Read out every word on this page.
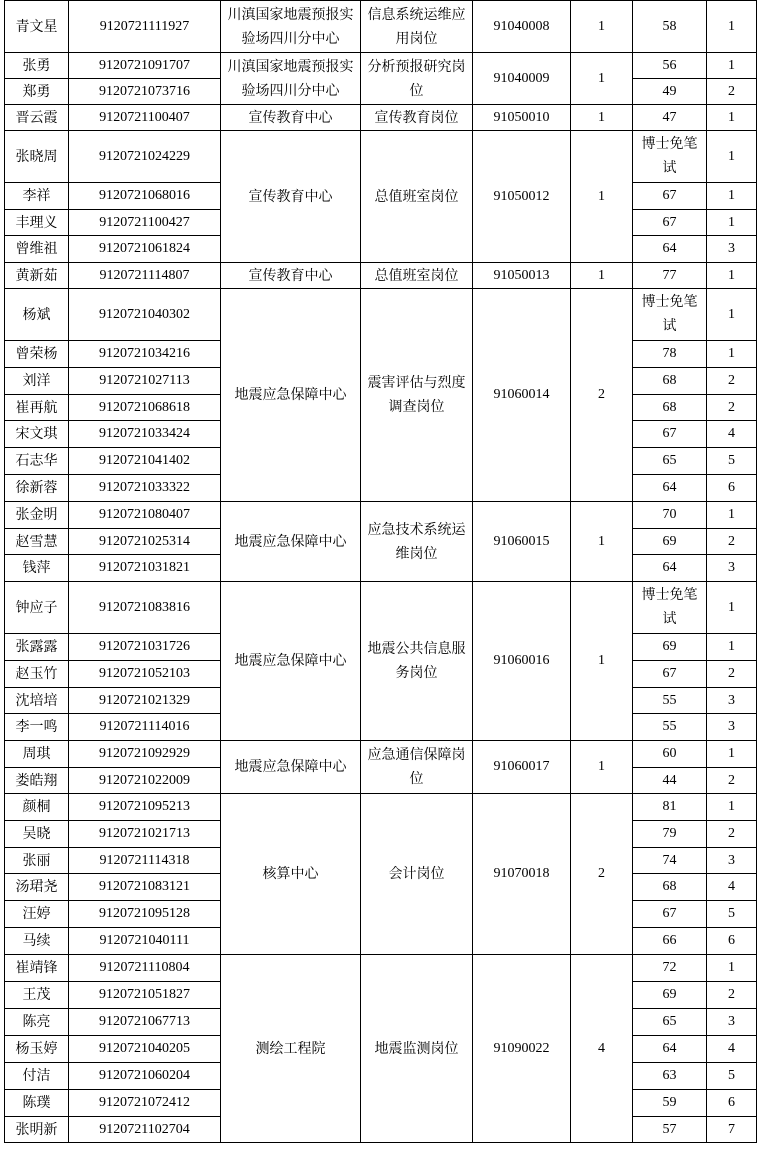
青文星	9120721111927	川滇国家地震预报实验场四川分中心	信息系统运维应用岗位	91040008	1	58	1
张勇	9120721091707	川滇国家地震预报实验场四川分中心	分析预报研究岗位	91040009	1	56	1
郑勇	9120721073716					49	2
晋云霞	9120721100407	宣传教育中心	宣传教育岗位	91050010	1	47	1
张晓周	9120721024229	宣传教育中心	总值班室岗位	91050012	1	博士免笔试	1
李祥	9120721068016					67	1
丰理义	9120721100427					67	1
曾维祖	9120721061824					64	3
黄新茹	9120721114807	宣传教育中心	总值班室岗位	91050013	1	77	1
杨斌	9120721040302	地震应急保障中心	震害评估与烈度调查岗位	91060014	2	博士免笔试	1
曾荣杨	9120721034216					78	1
刘洋	9120721027113					68	2
崔再航	9120721068618					68	2
宋文琪	9120721033424					67	4
石志华	9120721041402					65	5
徐新蓉	9120721033322					64	6
张金明	9120721080407	地震应急保障中心	应急技术系统运维岗位	91060015	1	70	1
赵雪慧	9120721025314					69	2
钱萍	9120721031821					64	3
钟应子	9120721083816	地震应急保障中心	地震公共信息服务岗位	91060016	1	博士免笔试	1
张露露	9120721031726					69	1
赵玉竹	9120721052103					67	2
沈培培	9120721021329					55	3
李一鸣	9120721114016					55	3
周琪	9120721092929	地震应急保障中心	应急通信保障岗位	91060017	1	60	1
娄皓翔	9120721022009					44	2
颜桐	9120721095213	核算中心	会计岗位	91070018	2	81	1
吴晓	9120721021713					79	2
张丽	9120721114318					74	3
汤珺尧	9120721083121					68	4
汪婷	9120721095128					67	5
马续	9120721040111					66	6
崔靖锋	9120721110804	测绘工程院	地震监测岗位	91090022	4	72	1
王茂	9120721051827					69	2
陈亮	9120721067713					65	3
杨玉婷	9120721040205					64	4
付洁	9120721060204					63	5
陈璞	9120721072412					59	6
张明新	9120721102704					57	7
